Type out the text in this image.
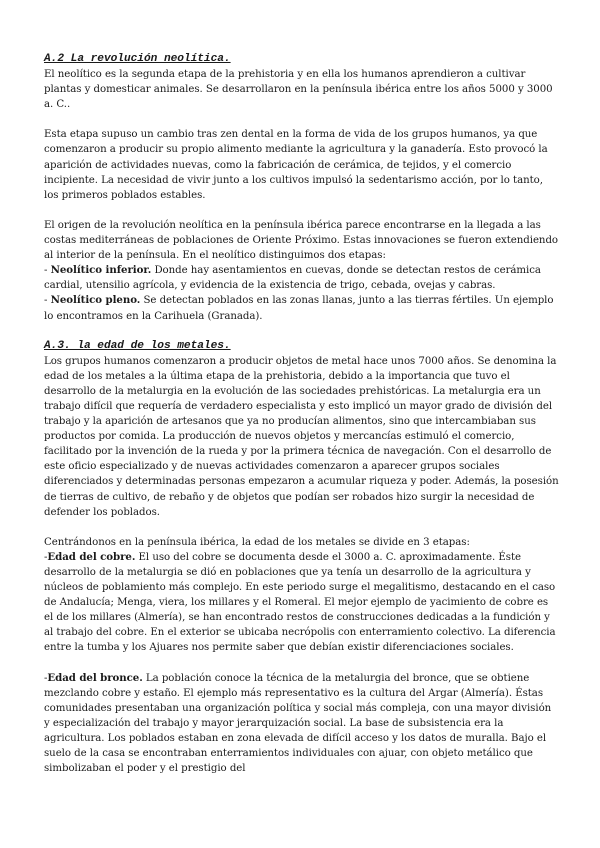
A.2 La revolución neolítica.

El neolítico es la segunda etapa de la prehistoria y en ella los humanos aprendieron a cultivar plantas y domesticar animales. Se desarrollaron en la península ibérica entre los años 5000 y 3000 a. C..

Esta etapa supuso un cambio tras zen dental en la forma de vida de los grupos humanos, ya que comenzaron a producir su propio alimento mediante la agricultura y la ganadería. Esto provocó la aparición de actividades nuevas, como la fabricación de cerámica, de tejidos, y el comercio incipiente. La necesidad de vivir junto a los cultivos impulsó la sedentarismo acción, por lo tanto, los primeros poblados estables.

El origen de la revolución neolítica en la península ibérica parece encontrarse en la llegada a las costas mediterráneas de poblaciones de Oriente Próximo. Estas innovaciones se fueron extendiendo al interior de la península. En el neolítico distinguimos dos etapas:

- Neolítico inferior. Donde hay asentamientos en cuevas, donde se detectan restos de cerámica cardial, utensilio agrícola, y evidencia de la existencia de trigo, cebada, ovejas y cabras.

- Neolítico pleno. Se detectan poblados en las zonas llanas, junto a las tierras fértiles. Un ejemplo lo encontramos en la Carihuela (Granada).

A.3. la edad de los metales.

Los grupos humanos comenzaron a producir objetos de metal hace unos 7000 años. Se denomina la edad de los metales a la última etapa de la prehistoria, debido a la importancia que tuvo el desarrollo de la metalurgia en la evolución de las sociedades prehistóricas. La metalurgia era un trabajo difícil que requería de verdadero especialista y esto implicó un mayor grado de división del trabajo y la aparición de artesanos que ya no producían alimentos, sino que intercambiaban sus productos por comida. La producción de nuevos objetos y mercancías estimuló el comercio, facilitado por la invención de la rueda y por la primera técnica de navegación. Con el desarrollo de este oficio especializado y de nuevas actividades comenzaron a aparecer grupos sociales diferenciados y determinadas personas empezaron a acumular riqueza y poder. Además, la posesión de tierras de cultivo, de rebaño y de objetos que podían ser robados hizo surgir la necesidad de defender los poblados.

Centrándonos en la península ibérica, la edad de los metales se divide en 3 etapas:

-Edad del cobre. El uso del cobre se documenta desde el 3000 a. C. aproximadamente. Éste desarrollo de la metalurgia se dió en poblaciones que ya tenía un desarrollo de la agricultura y núcleos de poblamiento más complejo. En este periodo surge el megalitismo, destacando en el caso de Andalucía; Menga, viera, los millares y el Romeral. El mejor ejemplo de yacimiento de cobre es el de los millares (Almería), se han encontrado restos de construcciones dedicadas a la fundición y al trabajo del cobre. En el exterior se ubicaba necrópolis con enterramiento colectivo. La diferencia entre la tumba y los Ajuares nos permite saber que debían existir diferenciaciones sociales.

-Edad del bronce. La población conoce la técnica de la metalurgia del bronce, que se obtiene mezclando cobre y estaño. El ejemplo más representativo es la cultura del Argar (Almería). Éstas comunidades presentaban una organización política y social más compleja, con una mayor división y especialización del trabajo y mayor jerarquización social. La base de subsistencia era la agricultura. Los poblados estaban en zona elevada de difícil acceso y los datos de muralla. Bajo el suelo de la casa se encontraban enterramientos individuales con ajuar, con objeto metálico que simbolizaban el poder y el prestigio del
